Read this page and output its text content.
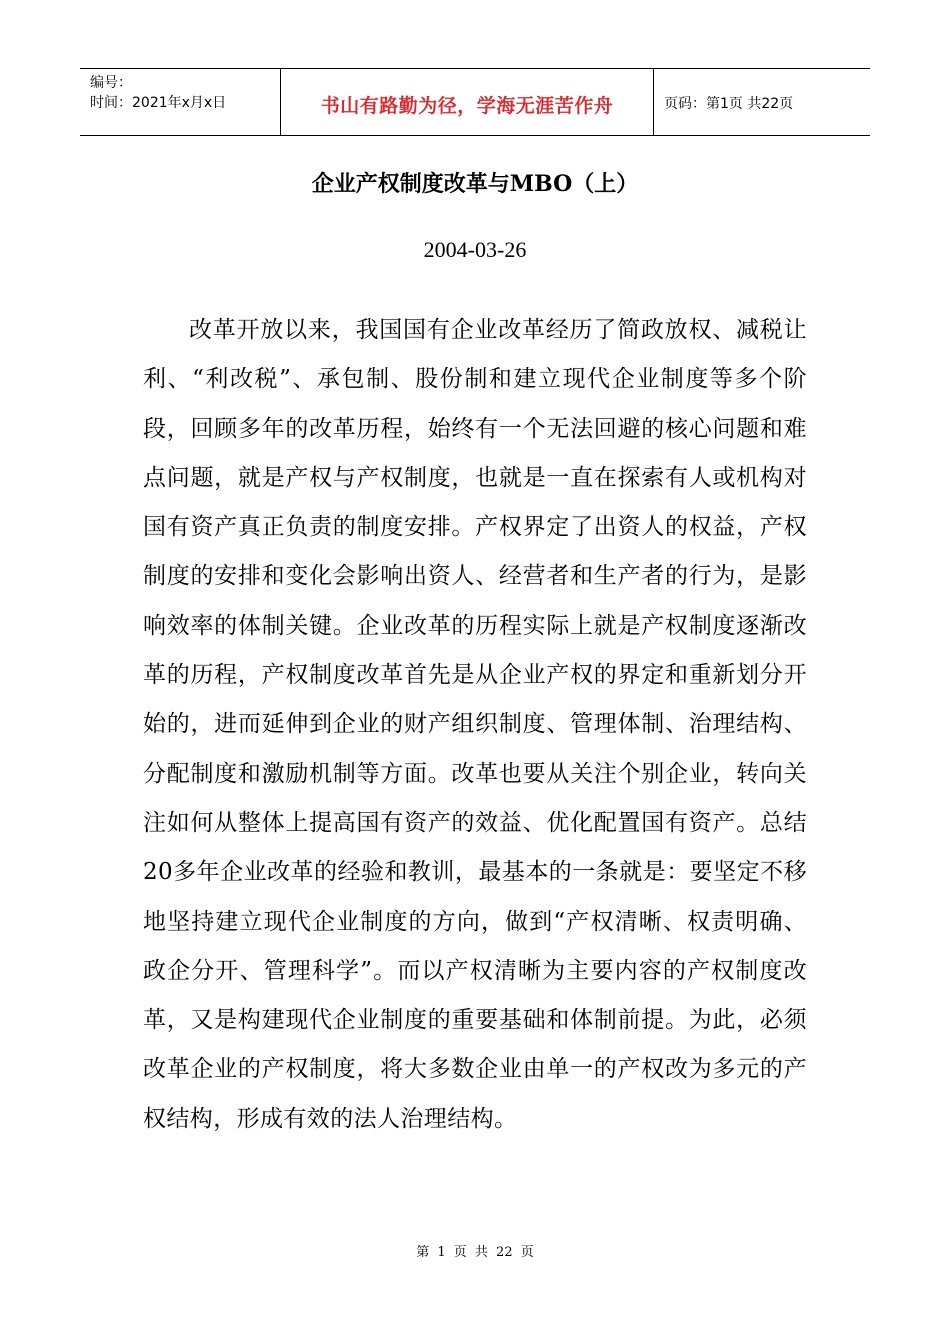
编号：
时间：2021年x月x日	书山有路勤为径，学海无涯苦作舟	页码：第1页 共22页
企业产权制度改革与MBO（上）
2004-03-26

改革开放以来，我国国有企业改革经历了简政放权、减税让利、“利改税”、承包制、股份制和建立现代企业制度等多个阶段，回顾多年的改革历程，始终有一个无法回避的核心问题和难点问题，就是产权与产权制度，也就是一直在探索有人或机构对国有资产真正负责的制度安排。产权界定了出资人的权益，产权制度的安排和变化会影响出资人、经营者和生产者的行为，是影响效率的体制关键。企业改革的历程实际上就是产权制度逐渐改革的历程，产权制度改革首先是从企业产权的界定和重新划分开始的，进而延伸到企业的财产组织制度、管理体制、治理结构、分配制度和激励机制等方面。改革也要从关注个别企业，转向关注如何从整体上提高国有资产的效益、优化配置国有资产。总结20多年企业改革的经验和教训，最基本的一条就是：要坚定不移地坚持建立现代企业制度的方向，做到“产权清晰、权责明确、政企分开、管理科学”。而以产权清晰为主要内容的产权制度改革，又是构建现代企业制度的重要基础和体制前提。为此，必须改革企业的产权制度，将大多数企业由单一的产权改为多元的产权结构，形成有效的法人治理结构。

第 1 页 共 22 页
